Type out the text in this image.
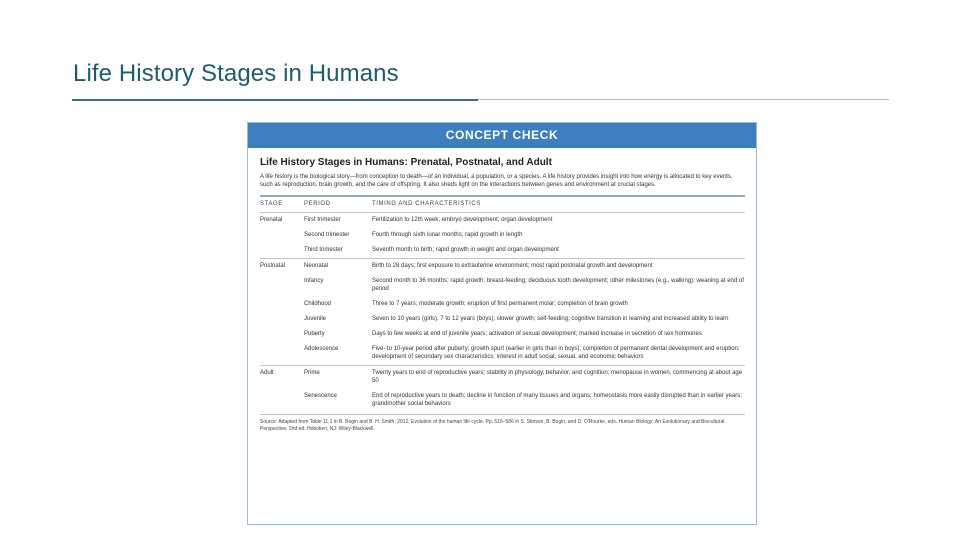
Life History Stages in Humans
CONCEPT CHECK
Life History Stages in Humans: Prenatal, Postnatal, and Adult
A life history is the biological story—from conception to death—of an individual, a population, or a species. A life history provides insight into how energy is allocated to key events, such as reproduction, brain growth, and the care of offspring. It also sheds light on the interactions between genes and environment at crucial stages.
STAGE	PERIOD	TIMING AND CHARACTERISTICS
Prenatal	First trimester	Fertilization to 12th week; embryo development; organ development
	Second trimester	Fourth through sixth lunar months; rapid growth in length
	Third trimester	Seventh month to birth; rapid growth in weight and organ development
Postnatal	Neonatal	Birth to 28 days; first exposure to extrauterine environment; most rapid postnatal growth and development
	Infancy	Second month to 36 months; rapid growth; breast-feeding; deciduous tooth development; other milestones (e.g., walking); weaning at end of period
	Childhood	Three to 7 years; moderate growth; eruption of first permanent molar; completion of brain growth
	Juvenile	Seven to 10 years (girls), 7 to 12 years (boys); slower growth; self-feeding; cognitive transition in learning and increased ability to learn
	Puberty	Days to few weeks at end of juvenile years; activation of sexual development; marked increase in secretion of sex hormones
	Adolescence	Five- to 10-year period after puberty; growth spurt (earlier in girls than in boys); completion of permanent dental development and eruption; development of secondary sex characteristics; interest in adult social, sexual, and economic behaviors
Adult	Prime	Twenty years to end of reproductive years; stability in physiology, behavior, and cognition; menopause in women, commencing at about age 50
	Senescence	End of reproductive years to death; decline in function of many tissues and organs; homeostasis more easily disrupted than in earlier years; grandmother social behaviors
Source: Adapted from Table 11.1 in B. Bogin and B. H. Smith, 2012, Evolution of the human life cycle. Pp. 515–586 in S. Stinson, B. Bogin, and D. O'Rourke, eds. Human Biology: An Evolutionary and Biocultural Perspective, 2nd ed. Hoboken, NJ: Wiley-Blackwell.
